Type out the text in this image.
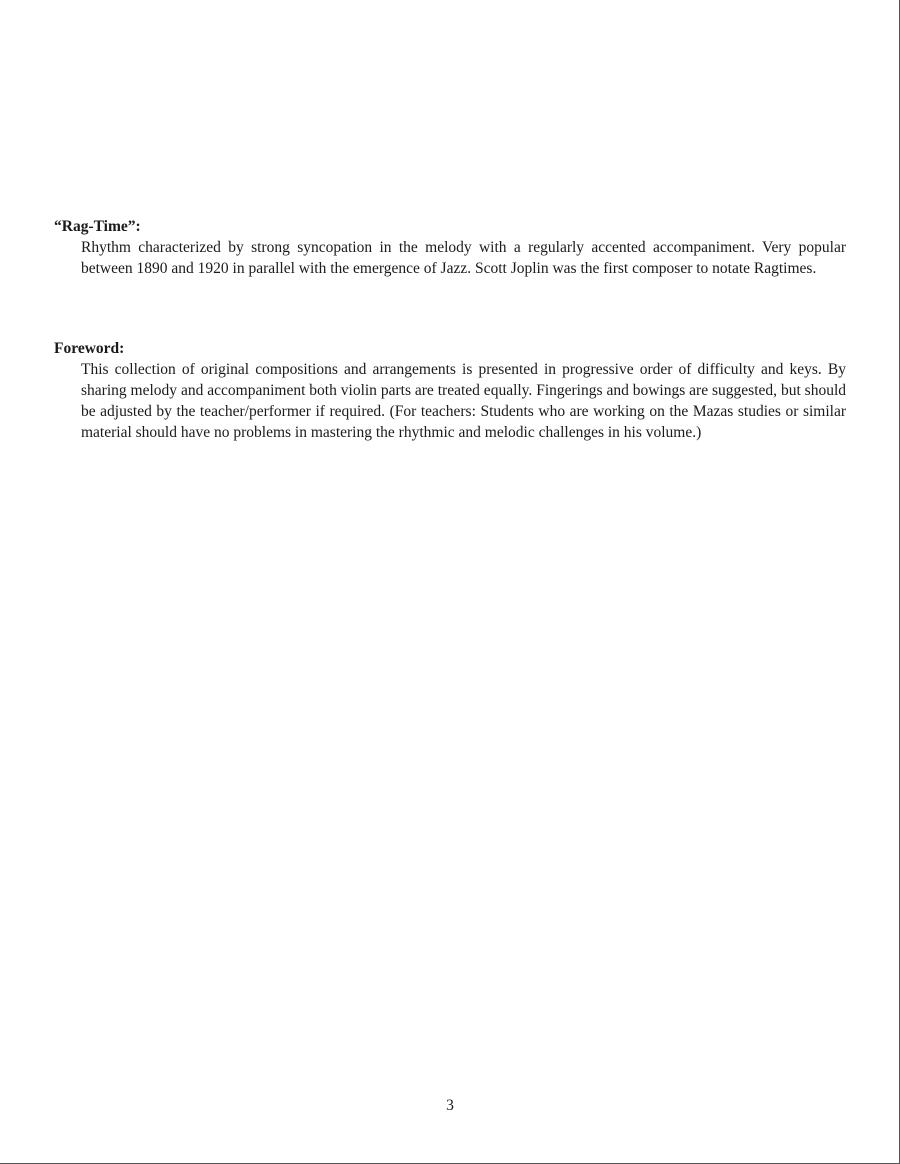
“Rag-Time”:

Rhythm characterized by strong syncopation in the melody with a regularly accented accompaniment. Very popular between 1890 and 1920 in parallel with the emergence of Jazz. Scott Joplin was the first composer to notate Ragtimes.

Foreword:

This collection of original compositions and arrangements is presented in progressive order of difficulty and keys. By sharing melody and accompaniment both violin parts are treated equally. Fingerings and bowings are suggested, but should be adjusted by the teacher/performer if required. (For teachers: Students who are working on the Mazas studies or similar material should have no problems in mastering the rhythmic and melodic challenges in his volume.)

3
